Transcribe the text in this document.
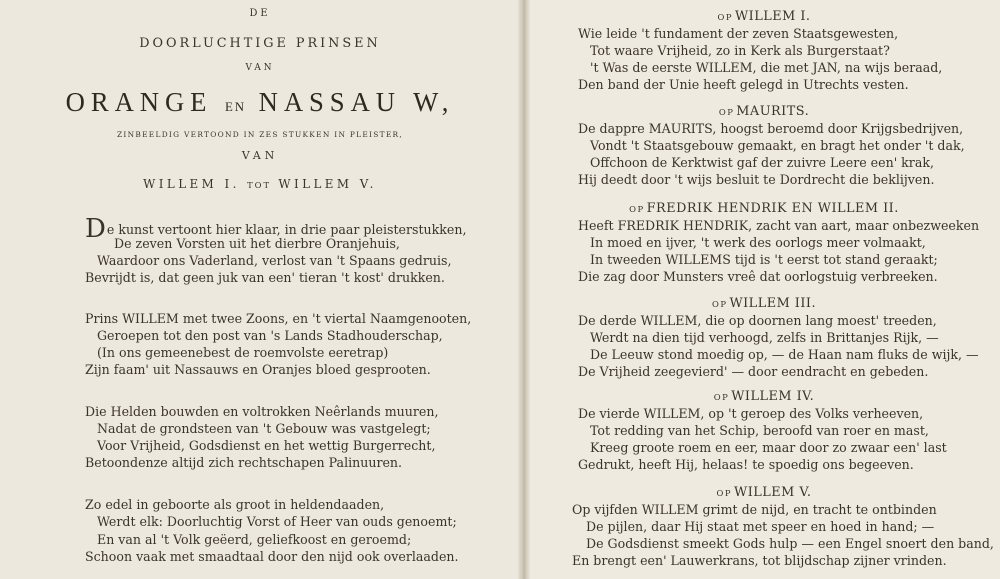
DE
DOORLUCHTIGE PRINSEN
VAN
ORANGE EN NASSAU W,
ZINBEELDIG VERTOOND IN ZES STUKKEN IN PLEISTER,
VAN
WILLEM I. TOT WILLEM V.
De kunst vertoont hier klaar, in drie paar pleisterstukken,
De zeven Vorsten uit het dierbre Oranjehuis,
Waardoor ons Vaderland, verlost van 't Spaans gedruis,
Bevrijdt is, dat geen juk van een' tieran 't kost' drukken.
Prins WILLEM met twee Zoons, en 't viertal Naamgenooten,
Geroepen tot den post van 's Lands Stadhouderschap,
(In ons gemeenebest de roemvolste eeretrap)
Zijn faam' uit Nassauws en Oranjes bloed gesprooten.
Die Helden bouwden en voltrokken Neêrlands muuren,
Nadat de grondsteen van 't Gebouw was vastgelegt;
Voor Vrijheid, Godsdienst en het wettig Burgerrecht,
Betoondenze altijd zich rechtschapen Palinuuren.
Zo edel in geboorte als groot in heldendaaden,
Werdt elk: Doorluchtig Vorst of Heer van ouds genoemt;
En van al 't Volk geëerd, geliefkoost en geroemd;
Schoon vaak met smaadtaal door den nijd ook overlaaden.
OP WILLEM I.
Wie leide 't fundament der zeven Staatsgewesten,
Tot waare Vrijheid, zo in Kerk als Burgerstaat?
't Was de eerste WILLEM, die met JAN, na wijs beraad,
Den band der Unie heeft gelegd in Utrechts vesten.
OP MAURITS.
De dappre MAURITS, hoogst beroemd door Krijgsbedrijven,
Vondt 't Staatsgebouw gemaakt, en bragt het onder 't dak,
Offchoon de Kerktwist gaf der zuivre Leere een' krak,
Hij deedt door 't wijs besluit te Dordrecht die beklijven.
OP FREDRIK HENDRIK EN WILLEM II.
Heeft FREDRIK HENDRIK, zacht van aart, maar onbezweeken
In moed en ijver, 't werk des oorlogs meer volmaakt,
In tweeden WILLEMS tijd is 't eerst tot stand geraakt;
Die zag door Munsters vreê dat oorlogstuig verbreeken.
OP WILLEM III.
De derde WILLEM, die op doornen lang moest' treeden,
Werdt na dien tijd verhoogd, zelfs in Brittanjes Rijk, —
De Leeuw stond moedig op, — de Haan nam fluks de wijk, —
De Vrijheid zeegevierd' — door eendracht en gebeden.
OP WILLEM IV.
De vierde WILLEM, op 't geroep des Volks verheeven,
Tot redding van het Schip, beroofd van roer en mast,
Kreeg groote roem en eer, maar door zo zwaar een' last
Gedrukt, heeft Hij, helaas! te spoedig ons begeeven.
OP WILLEM V.
Op vijfden WILLEM grimt de nijd, en tracht te ontbinden
De pijlen, daar Hij staat met speer en hoed in hand; —
De Godsdienst smeekt Gods hulp — een Engel snoert den band,
En brengt een' Lauwerkrans, tot blijdschap zijner vrinden.
